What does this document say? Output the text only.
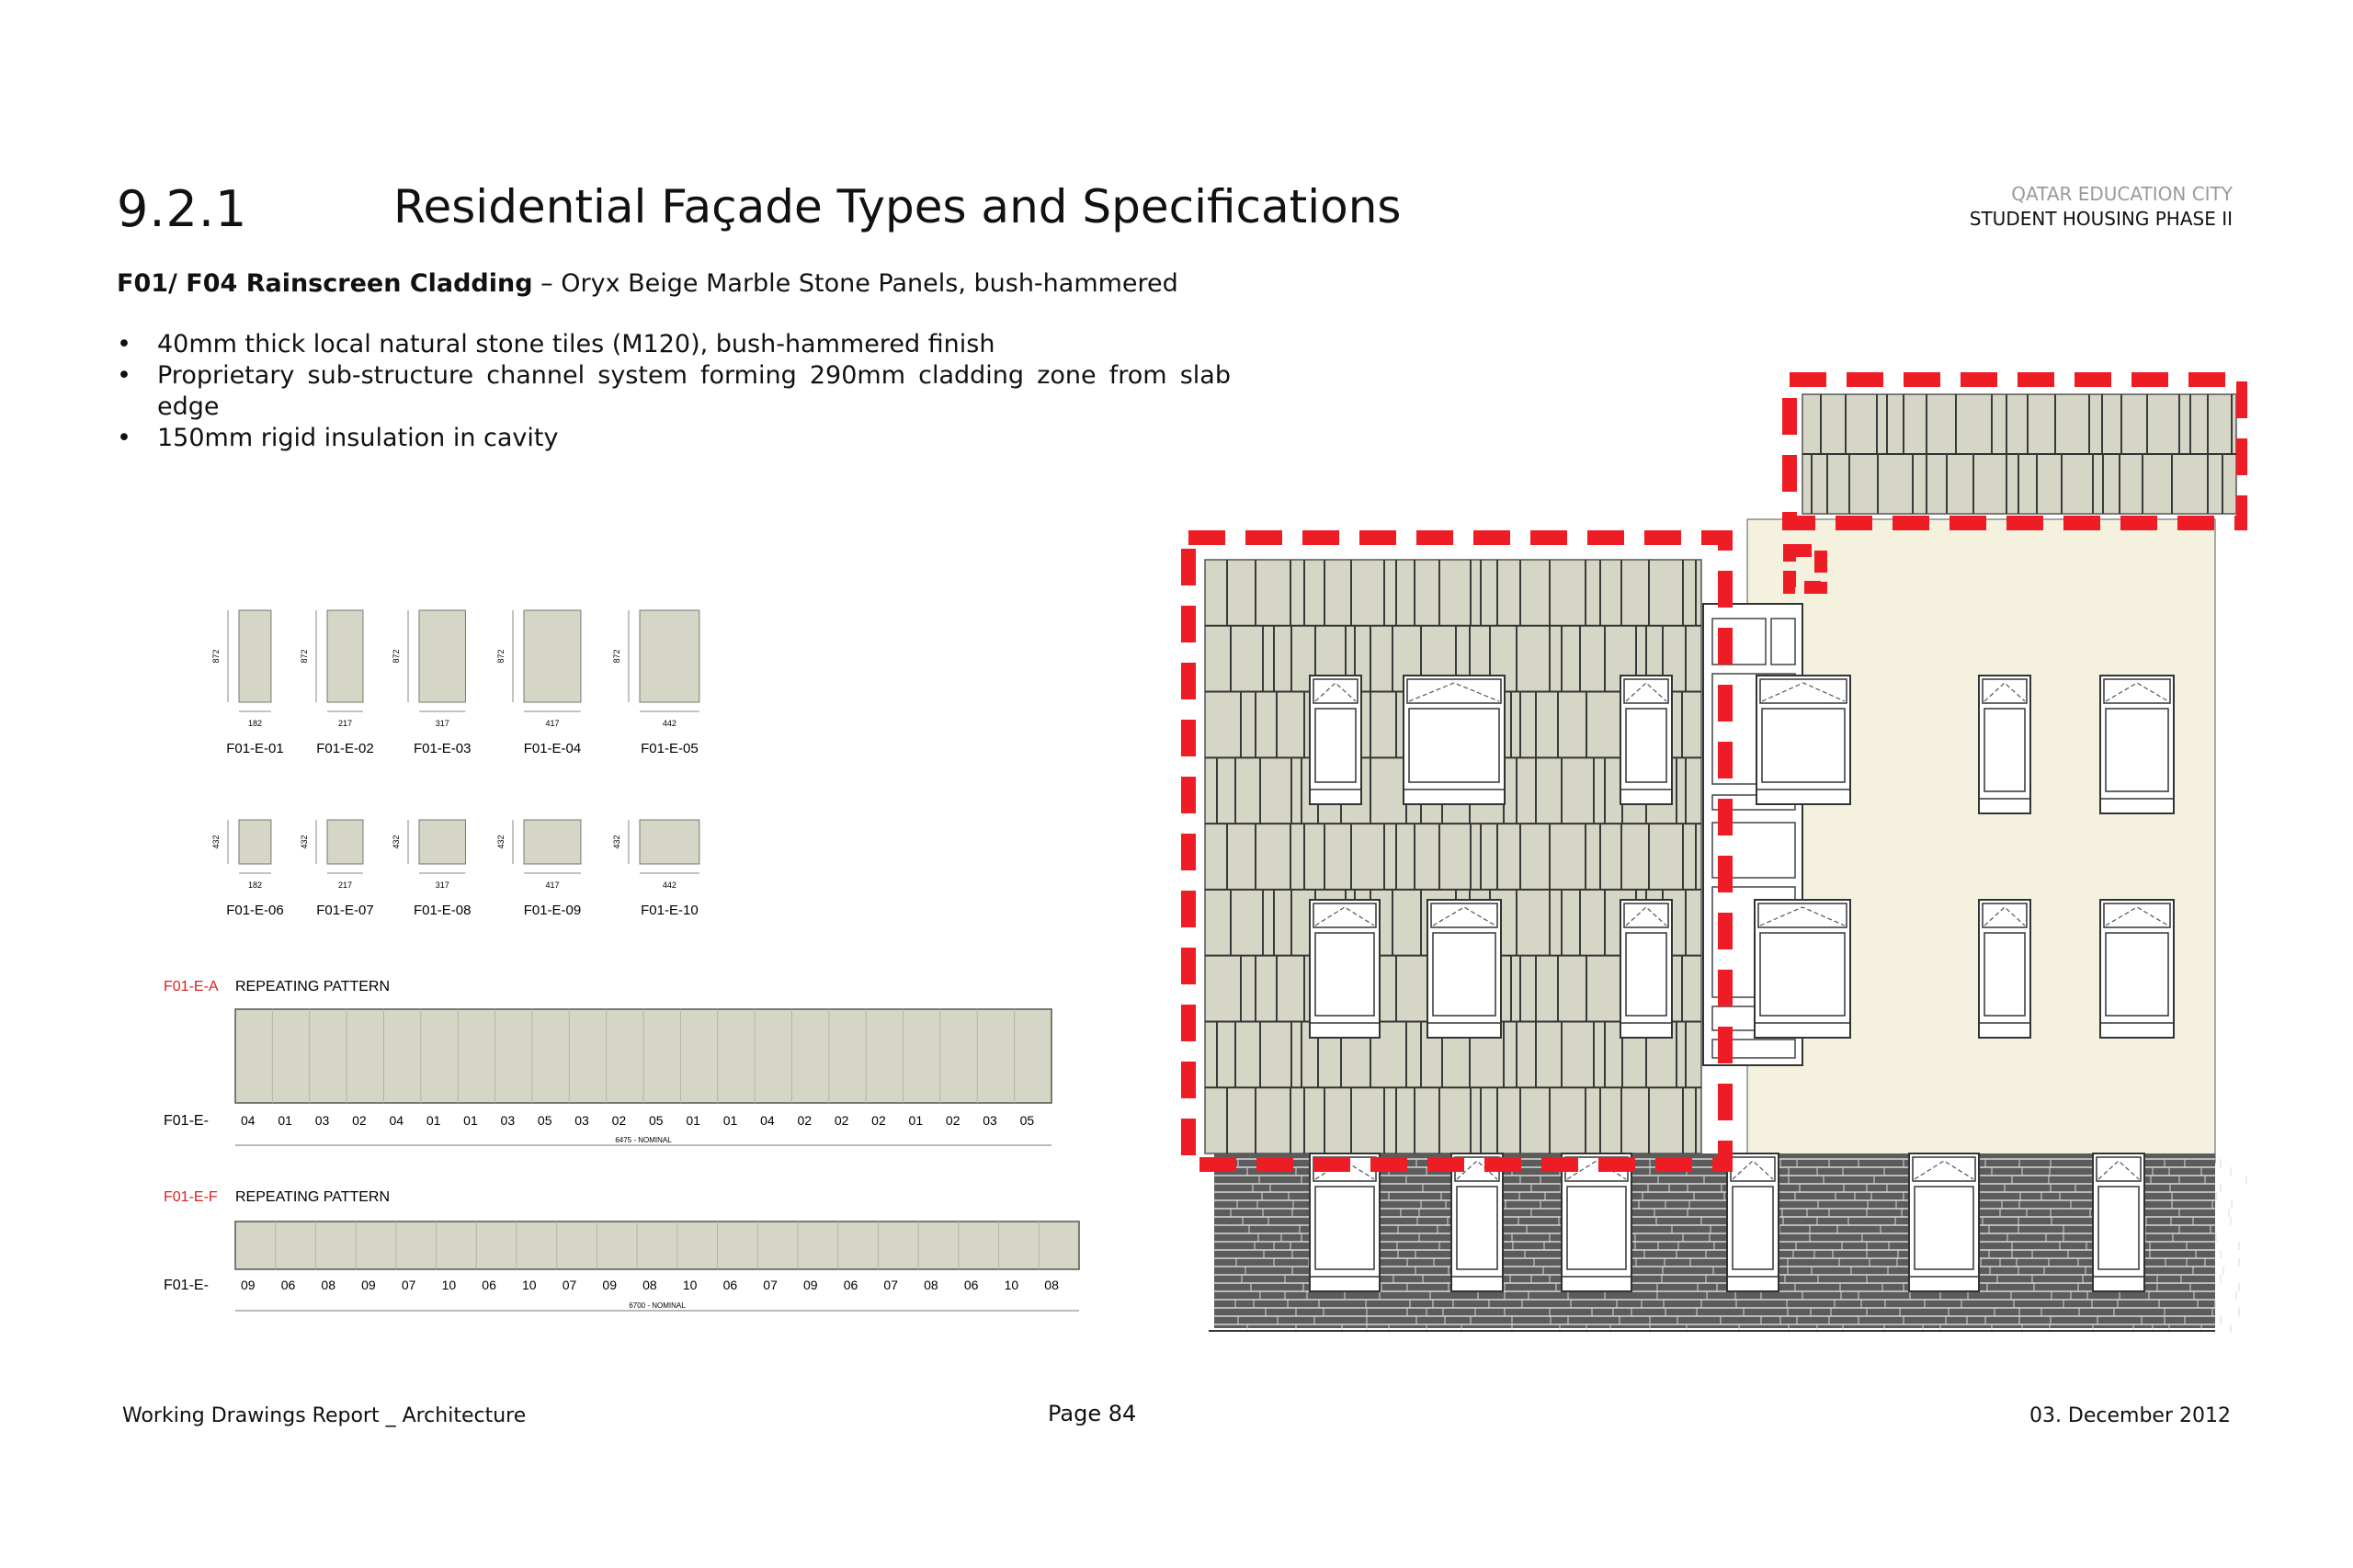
9.2.1	Residential Façade Types and Specifications	QATAR EDUCATION CITY
STUDENT HOUSING PHASE II
F01/ F04 Rainscreen Cladding – Oryx Beige Marble Stone Panels, bush-hammered
• 40mm thick local natural stone tiles (M120), bush-hammered finish
• Proprietary sub-structure channel system forming 290mm cladding zone from slab edge
• 150mm rigid insulation in cavity
872
182
F01-E-01
872
217
F01-E-02
872
317
F01-E-03
872
417
F01-E-04
872
442
F01-E-05
432
182
F01-E-06
432
217
F01-E-07
432
317
F01-E-08
432
417
F01-E-09
432
442
F01-E-10
F01-E-A REPEATING PATTERN
F01-E-	04 01 03 02 04 01 01 03 05 03 02 05 01 01 04 02 02 02 01 02 03 05
6475 - NOMINAL
F01-E-F REPEATING PATTERN
F01-E-	09 06 08 09 07 10 06 10 07 09 08 10 06 07 09 06 07 08 06 10 08
6700 - NOMINAL
Working Drawings Report _ Architecture	Page 84	03. December 2012
